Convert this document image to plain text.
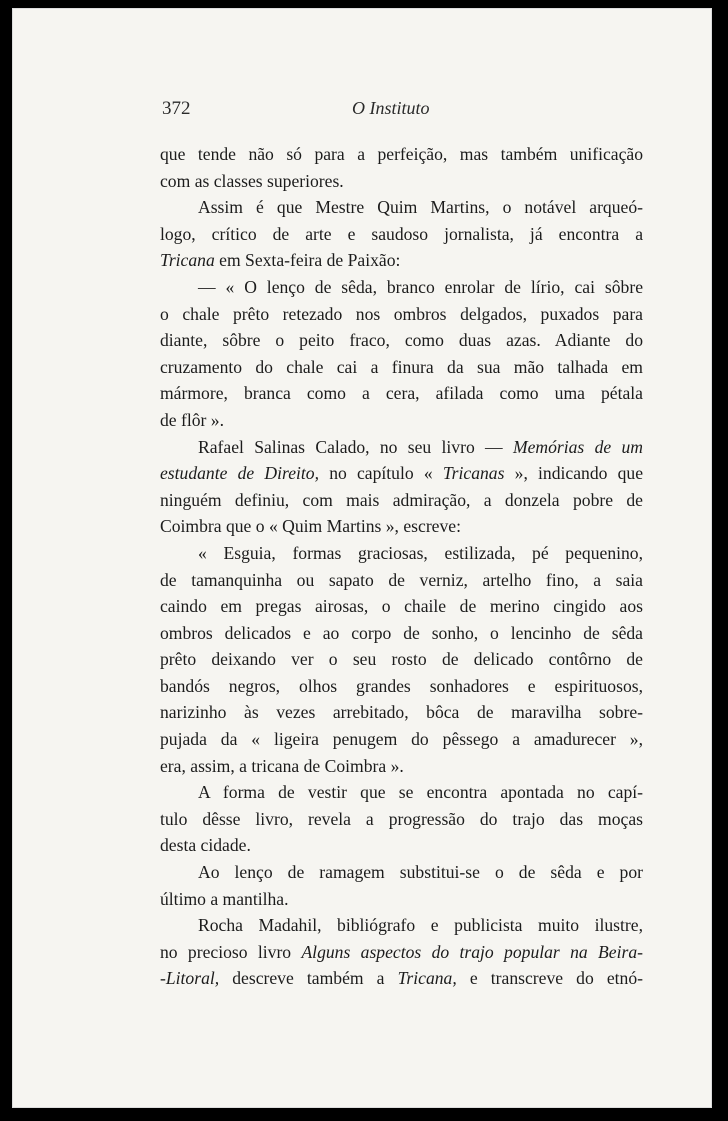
372	O Instituto
que tende não só para a perfeição, mas também unificação
com as classes superiores.
Assim é que Mestre Quim Martins, o notável arqueó-
logo, crítico de arte e saudoso jornalista, já encontra a
Tricana em Sexta-feira de Paixão:
— « O lenço de sêda, branco enrolar de lírio, cai sôbre
o chale prêto retezado nos ombros delgados, puxados para
diante, sôbre o peito fraco, como duas azas. Adiante do
cruzamento do chale cai a finura da sua mão talhada em
mármore, branca como a cera, afilada como uma pétala
de flôr ».
Rafael Salinas Calado, no seu livro — Memórias de um
estudante de Direito, no capítulo « Tricanas », indicando que
ninguém definiu, com mais admiração, a donzela pobre de
Coimbra que o « Quim Martins », escreve:
« Esguia, formas graciosas, estilizada, pé pequenino,
de tamanquinha ou sapato de verniz, artelho fino, a saia
caindo em pregas airosas, o chaile de merino cingido aos
ombros delicados e ao corpo de sonho, o lencinho de sêda
prêto deixando ver o seu rosto de delicado contôrno de
bandós negros, olhos grandes sonhadores e espirituosos,
narizinho às vezes arrebitado, bôca de maravilha sobre-
pujada da « ligeira penugem do pêssego a amadurecer »,
era, assim, a tricana de Coimbra ».
A forma de vestir que se encontra apontada no capí-
tulo dêsse livro, revela a progressão do trajo das moças
desta cidade.
Ao lenço de ramagem substitui-se o de sêda e por
último a mantilha.
Rocha Madahil, bibliógrafo e publicista muito ilustre,
no precioso livro Alguns aspectos do trajo popular na Beira-
-Litoral, descreve também a Tricana, e transcreve do etnó-
